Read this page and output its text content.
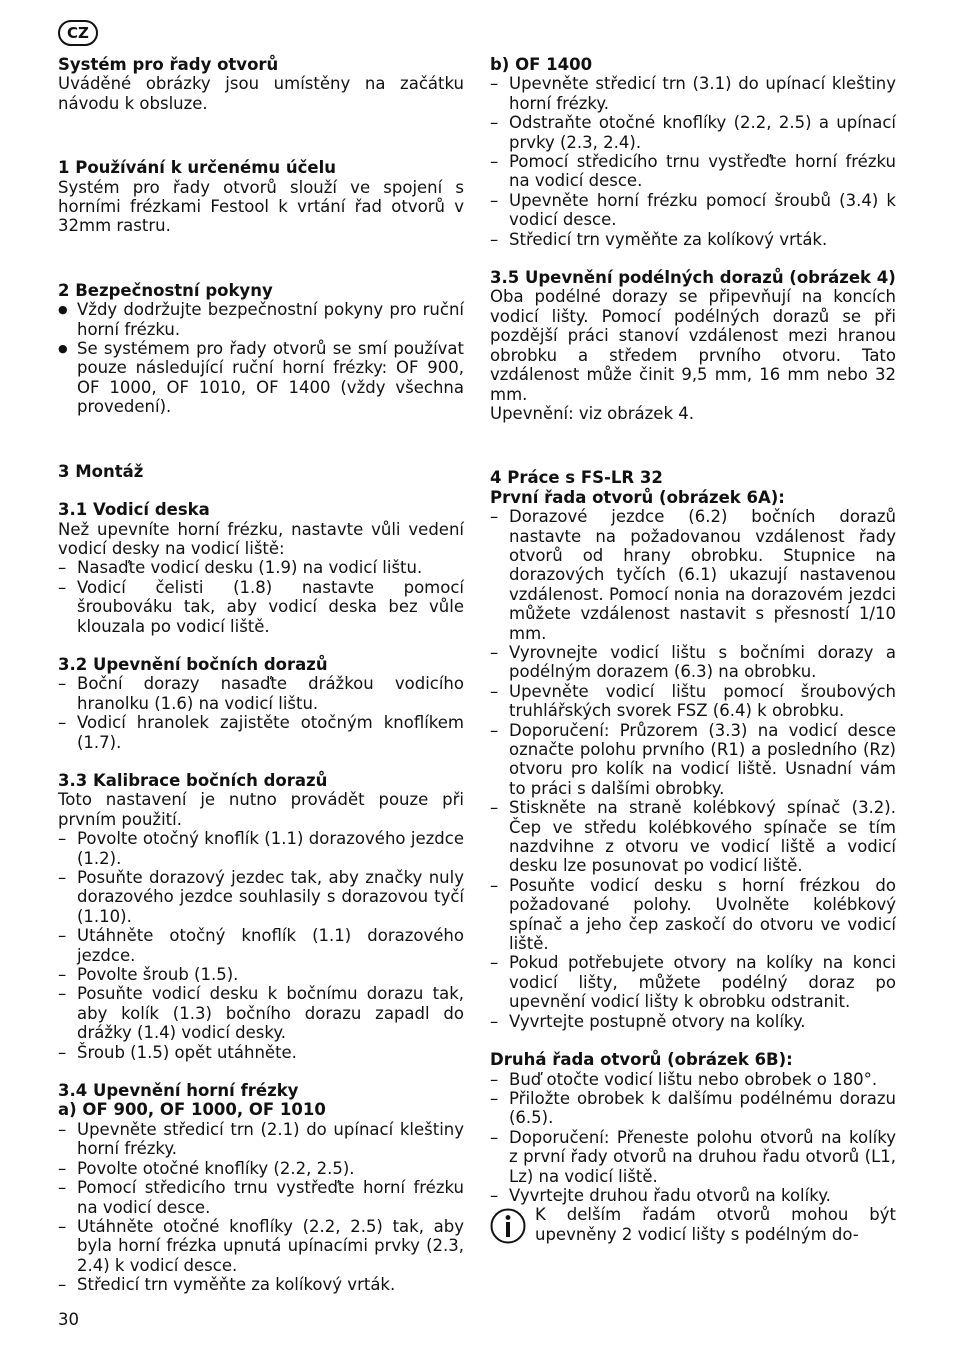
CZ
Systém pro řady otvorů

Uváděné obrázky jsou umístěny na začátku návodu k obsluze.

1 Používání k určenému účelu

Systém pro řady otvorů slouží ve spojení s horními frézkami Festool k vrtání řad otvorů v 32mm rastru.

2 Bezpečnostní pokyny
● Vždy dodržujte bezpečnostní pokyny pro ruční horní frézku.
● Se systémem pro řady otvorů se smí používat pouze následující ruční horní frézky: OF 900, OF 1000, OF 1010, OF 1400 (vždy všechna provedení).
3 Montáž
3.1 Vodicí deska

Než upevníte horní frézku, nastavte vůli vedení vodicí desky na vodicí liště:

– Nasaďte vodicí desku (1.9) na vodicí lištu.
– Vodicí čelisti (1.8) nastavte pomocí šroubováku tak, aby vodicí deska bez vůle klouzala po vodicí liště.
3.2 Upevnění bočních dorazů
– Boční dorazy nasaďte drážkou vodicího hranolku (1.6) na vodicí lištu.
– Vodicí hranolek zajistěte otočným knoflíkem (1.7).
3.3 Kalibrace bočních dorazů

Toto nastavení je nutno provádět pouze při prvním použití.

– Povolte otočný knoflík (1.1) dorazového jezdce (1.2).
– Posuňte dorazový jezdec tak, aby značky nuly dorazového jezdce souhlasily s dorazovou tyčí (1.10).
– Utáhněte otočný knoflík (1.1) dorazového jezdce.
– Povolte šroub (1.5).
– Posuňte vodicí desku k bočnímu dorazu tak, aby kolík (1.3) bočního dorazu zapadl do drážky (1.4) vodicí desky.
– Šroub (1.5) opět utáhněte.
3.4 Upevnění horní frézky
a) OF 900, OF 1000, OF 1010
– Upevněte středicí trn (2.1) do upínací kleštiny horní frézky.
– Povolte otočné knoflíky (2.2, 2.5).
– Pomocí středicího trnu vystřeďte horní frézku na vodicí desce.
– Utáhněte otočné knoflíky (2.2, 2.5) tak, aby byla horní frézka upnutá upínacími prvky (2.3, 2.4) k vodicí desce.
– Středicí trn vyměňte za kolíkový vrták.
b) OF 1400
– Upevněte středicí trn (3.1) do upínací kleštiny horní frézky.
– Odstraňte otočné knoflíky (2.2, 2.5) a upínací prvky (2.3, 2.4).
– Pomocí středicího trnu vystřeďte horní frézku na vodicí desce.
– Upevněte horní frézku pomocí šroubů (3.4) k vodicí desce.
– Středicí trn vyměňte za kolíkový vrták.
3.5 Upevnění podélných dorazů (obrázek 4)

Oba podélné dorazy se připevňují na koncích vodicí lišty. Pomocí podélných dorazů se při pozdější práci stanoví vzdálenost mezi hranou obrobku a středem prvního otvoru. Tato vzdálenost může činit 9,5 mm, 16 mm nebo 32 mm.

Upevnění: viz obrázek 4.

4 Práce s FS-LR 32
První řada otvorů (obrázek 6A):
– Dorazové jezdce (6.2) bočních dorazů nastavte na požadovanou vzdálenost řady otvorů od hrany obrobku. Stupnice na dorazových tyčích (6.1) ukazují nastavenou vzdálenost. Pomocí nonia na dorazovém jezdci můžete vzdálenost nastavit s přesností 1/10 mm.
– Vyrovnejte vodicí lištu s bočními dorazy a podélným dorazem (6.3) na obrobku.
– Upevněte vodicí lištu pomocí šroubových truhlářských svorek FSZ (6.4) k obrobku.
– Doporučení: Průzorem (3.3) na vodicí desce označte polohu prvního (R1) a posledního (Rz) otvoru pro kolík na vodicí liště. Usnadní vám to práci s dalšími obrobky.
– Stiskněte na straně kolébkový spínač (3.2). Čep ve středu kolébkového spínače se tím nazdvihne z otvoru ve vodicí liště a vodicí desku lze posunovat po vodicí liště.
– Posuňte vodicí desku s horní frézkou do požadované polohy. Uvolněte kolébkový spínač a jeho čep zaskočí do otvoru ve vodicí liště.
– Pokud potřebujete otvory na kolíky na konci vodicí lišty, můžete podélný doraz po upevnění vodicí lišty k obrobku odstranit.
– Vyvrtejte postupně otvory na kolíky.
Druhá řada otvorů (obrázek 6B):
– Buď otočte vodicí lištu nebo obrobek o 180°.
– Přiložte obrobek k dalšímu podélnému dorazu (6.5).
– Doporučení: Přeneste polohu otvorů na kolíky z první řady otvorů na druhou řadu otvorů (L1, Lz) na vodicí liště.
– Vyvrtejte druhou řadu otvorů na kolíky.

K delším řadám otvorů mohou být upevněny 2 vodicí lišty s podélným do-

30
